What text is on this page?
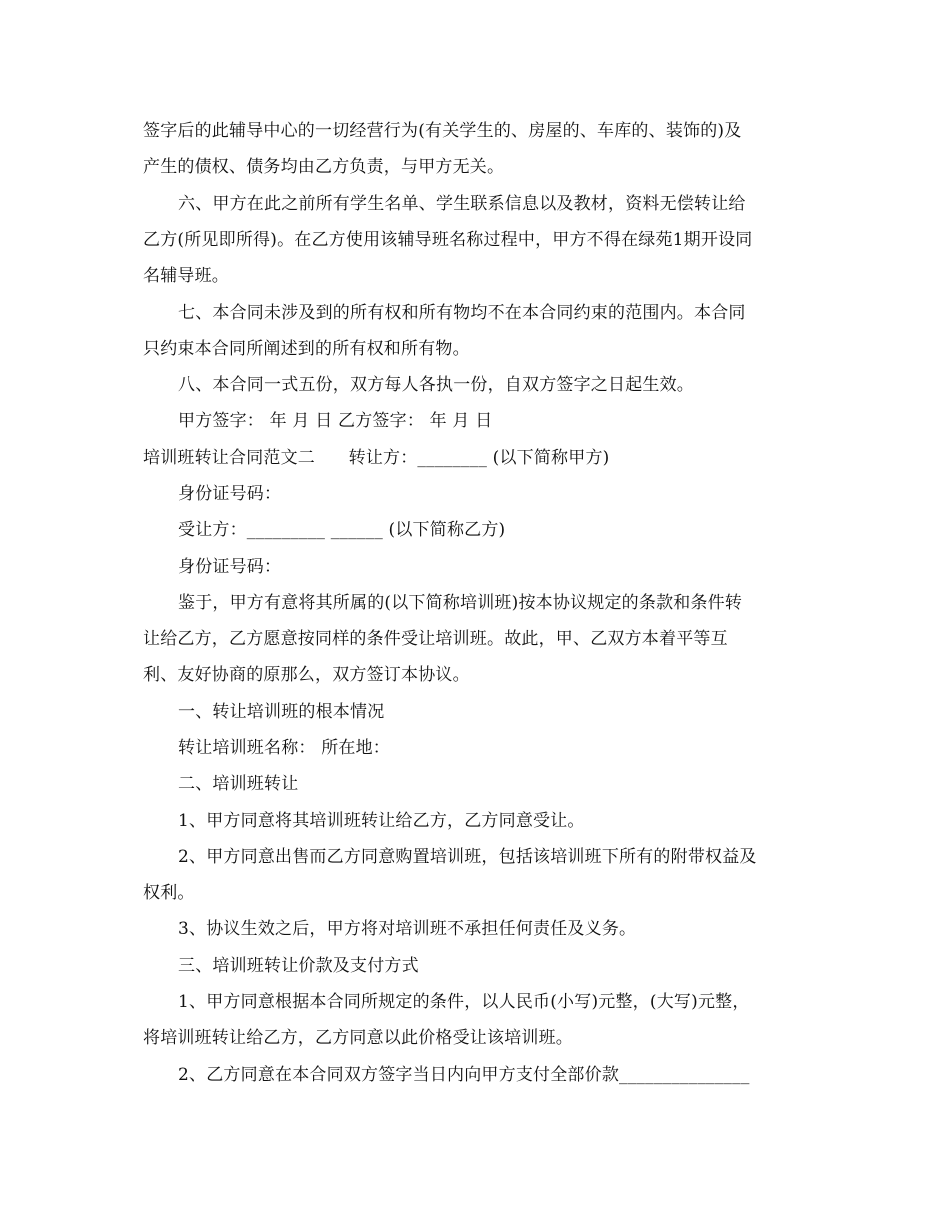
签字后的此辅导中心的一切经营行为(有关学生的、房屋的、车库的、装饰的)及
产生的债权、债务均由乙方负责，与甲方无关。
六、甲方在此之前所有学生名单、学生联系信息以及教材，资料无偿转让给
乙方(所见即所得)。在乙方使用该辅导班名称过程中，甲方不得在绿苑1期开设同
名辅导班。
七、本合同未涉及到的所有权和所有物均不在本合同约束的范围内。本合同
只约束本合同所阐述到的所有权和所有物。
八、本合同一式五份，双方每人各执一份，自双方签字之日起生效。
甲方签字： 年 月 日 乙方签字： 年 月 日
培训班转让合同范文二      转让方：________ (以下简称甲方)
身份证号码：
受让方：_________ ______ (以下简称乙方)
身份证号码：
鉴于，甲方有意将其所属的(以下简称培训班)按本协议规定的条款和条件转
让给乙方，乙方愿意按同样的条件受让培训班。故此，甲、乙双方本着平等互
利、友好协商的原那么，双方签订本协议。
一、转让培训班的根本情况
转让培训班名称： 所在地：
二、培训班转让
1、甲方同意将其培训班转让给乙方，乙方同意受让。
2、甲方同意出售而乙方同意购置培训班，包括该培训班下所有的附带权益及
权利。
3、协议生效之后，甲方将对培训班不承担任何责任及义务。
三、培训班转让价款及支付方式
1、甲方同意根据本合同所规定的条件，以人民币(小写)元整，(大写)元整，
将培训班转让给乙方，乙方同意以此价格受让该培训班。
2、乙方同意在本合同双方签字当日内向甲方支付全部价款_______________
